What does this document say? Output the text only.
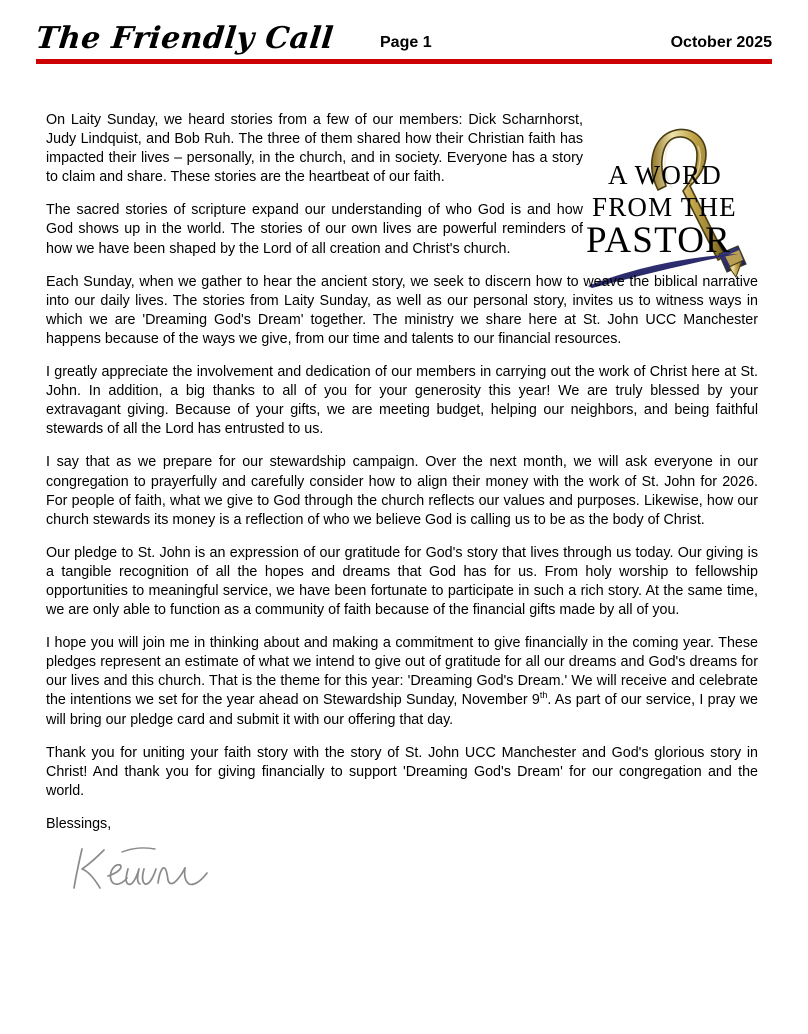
The Friendly Call	Page 1	October 2025
A WORD
FROM THE
PASTOR

On Laity Sunday, we heard stories from a few of our members: Dick Scharnhorst, Judy Lindquist, and Bob Ruh. The three of them shared how their Christian faith has impacted their lives – personally, in the church, and in society. Everyone has a story to claim and share. These stories are the heartbeat of our faith.

The sacred stories of scripture expand our understanding of who God is and how God shows up in the world. The stories of our own lives are powerful reminders of how we have been shaped by the Lord of all creation and Christ's church.

Each Sunday, when we gather to hear the ancient story, we seek to discern how to weave the biblical narrative into our daily lives. The stories from Laity Sunday, as well as our personal story, invites us to witness ways in which we are 'Dreaming God's Dream' together. The ministry we share here at St. John UCC Manchester happens because of the ways we give, from our time and talents to our financial resources.

I greatly appreciate the involvement and dedication of our members in carrying out the work of Christ here at St. John. In addition, a big thanks to all of you for your generosity this year! We are truly blessed by your extravagant giving. Because of your gifts, we are meeting budget, helping our neighbors, and being faithful stewards of all the Lord has entrusted to us.

I say that as we prepare for our stewardship campaign. Over the next month, we will ask everyone in our congregation to prayerfully and carefully consider how to align their money with the work of St. John for 2026. For people of faith, what we give to God through the church reflects our values and purposes. Likewise, how our church stewards its money is a reflection of who we believe God is calling us to be as the body of Christ.

Our pledge to St. John is an expression of our gratitude for God's story that lives through us today. Our giving is a tangible recognition of all the hopes and dreams that God has for us. From holy worship to fellowship opportunities to meaningful service, we have been fortunate to participate in such a rich story. At the same time, we are only able to function as a community of faith because of the financial gifts made by all of you.

I hope you will join me in thinking about and making a commitment to give financially in the coming year. These pledges represent an estimate of what we intend to give out of gratitude for all our dreams and God's dreams for our lives and this church. That is the theme for this year: 'Dreaming God's Dream.' We will receive and celebrate the intentions we set for the year ahead on Stewardship Sunday, November 9th. As part of our service, I pray we will bring our pledge card and submit it with our offering that day.

Thank you for uniting your faith story with the story of St. John UCC Manchester and God's glorious story in Christ! And thank you for giving financially to support 'Dreaming God's Dream' for our congregation and the world.

Blessings,
